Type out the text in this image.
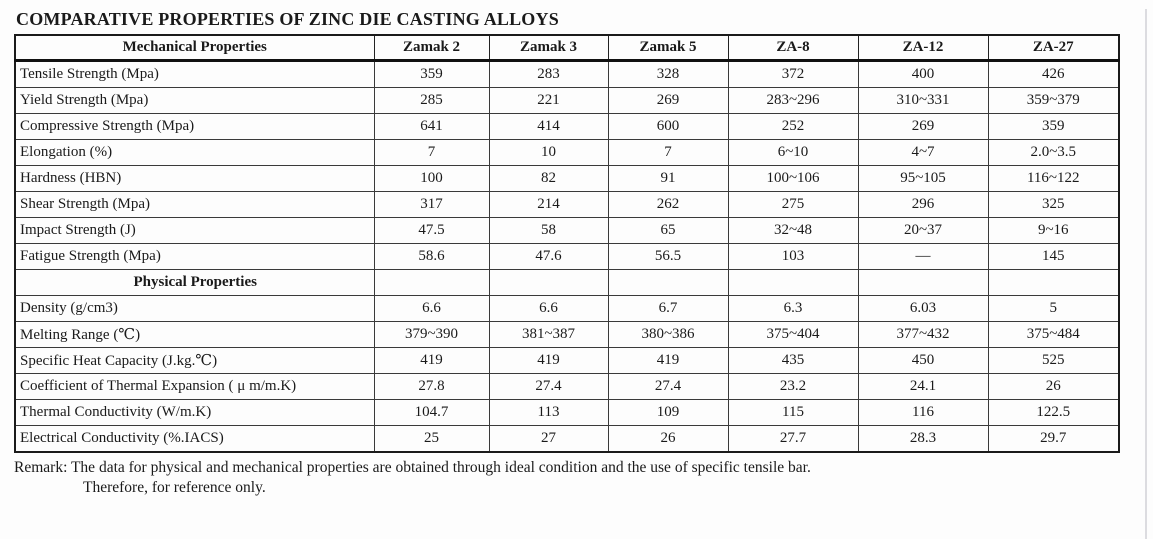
COMPARATIVE PROPERTIES OF ZINC DIE CASTING ALLOYS
Mechanical Properties	Zamak 2	Zamak 3	Zamak 5	ZA-8	ZA-12	ZA-27
Tensile Strength (Mpa)	359	283	328	372	400	426
Yield Strength (Mpa)	285	221	269	283~296	310~331	359~379
Compressive Strength (Mpa)	641	414	600	252	269	359
Elongation (%)	7	10	7	6~10	4~7	2.0~3.5
Hardness (HBN)	100	82	91	100~106	95~105	116~122
Shear Strength (Mpa)	317	214	262	275	296	325
Impact Strength (J)	47.5	58	65	32~48	20~37	9~16
Fatigue Strength (Mpa)	58.6	47.6	56.5	103	—	145
Physical Properties						
Density (g/cm3)	6.6	6.6	6.7	6.3	6.03	5
Melting Range (℃)	379~390	381~387	380~386	375~404	377~432	375~484
Specific Heat Capacity (J.kg.℃)	419	419	419	435	450	525
Coefficient of Thermal Expansion ( μ m/m.K)	27.8	27.4	27.4	23.2	24.1	26
Thermal Conductivity (W/m.K)	104.7	113	109	115	116	122.5
Electrical Conductivity (%.IACS)	25	27	26	27.7	28.3	29.7
Remark: The data for physical and mechanical properties are obtained through ideal condition and the use of specific tensile bar.
Therefore, for reference only.
